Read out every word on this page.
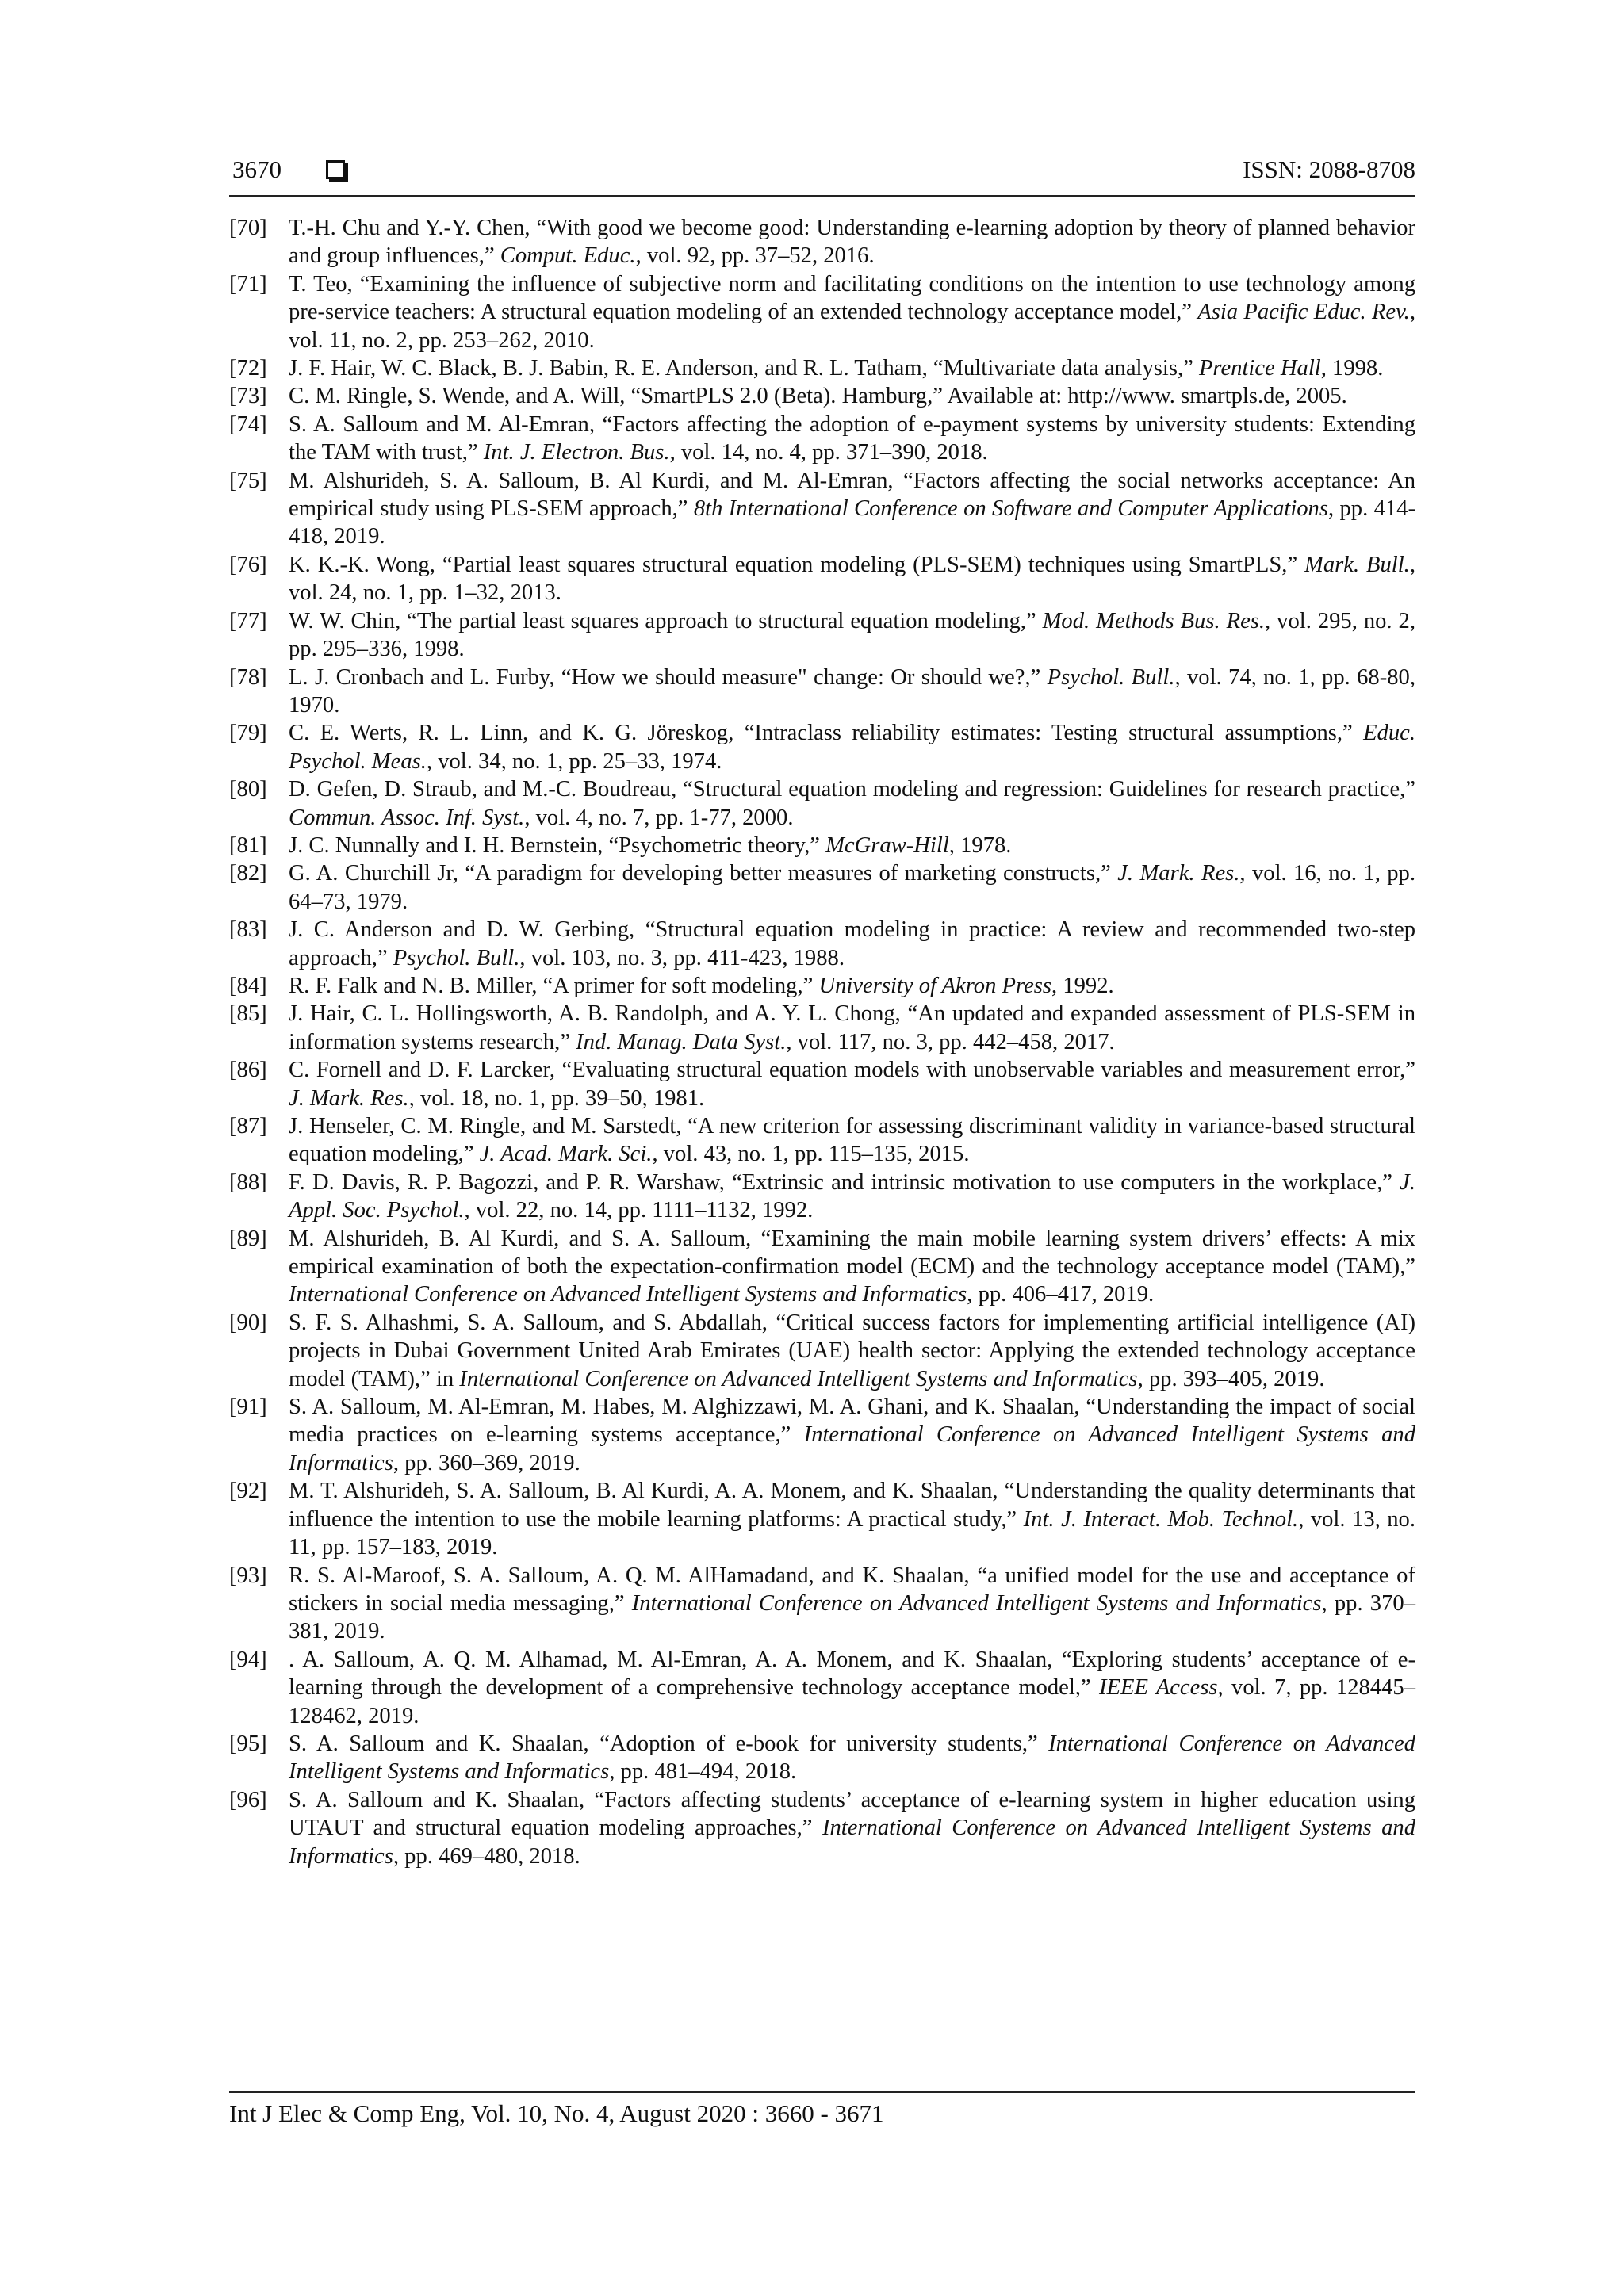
3670	ISSN: 2088-8708
[70] T.-H. Chu and Y.-Y. Chen, “With good we become good: Understanding e-learning adoption by theory of planned behavior and group influences,” Comput. Educ., vol. 92, pp. 37–52, 2016.
[71] T. Teo, “Examining the influence of subjective norm and facilitating conditions on the intention to use technology among pre-service teachers: A structural equation modeling of an extended technology acceptance model,” Asia Pacific Educ. Rev., vol. 11, no. 2, pp. 253–262, 2010.
[72] J. F. Hair, W. C. Black, B. J. Babin, R. E. Anderson, and R. L. Tatham, “Multivariate data analysis,” Prentice Hall, 1998.
[73] C. M. Ringle, S. Wende, and A. Will, “SmartPLS 2.0 (Beta). Hamburg,” Available at: http://www. smartpls.de, 2005.
[74] S. A. Salloum and M. Al-Emran, “Factors affecting the adoption of e-payment systems by university students: Extending the TAM with trust,” Int. J. Electron. Bus., vol. 14, no. 4, pp. 371–390, 2018.
[75] M. Alshurideh, S. A. Salloum, B. Al Kurdi, and M. Al-Emran, “Factors affecting the social networks acceptance: An empirical study using PLS-SEM approach,” 8th International Conference on Software and Computer Applications, pp. 414-418, 2019.
[76] K. K.-K. Wong, “Partial least squares structural equation modeling (PLS-SEM) techniques using SmartPLS,” Mark. Bull., vol. 24, no. 1, pp. 1–32, 2013.
[77] W. W. Chin, “The partial least squares approach to structural equation modeling,” Mod. Methods Bus. Res., vol. 295, no. 2, pp. 295–336, 1998.
[78] L. J. Cronbach and L. Furby, “How we should measure" change: Or should we?,” Psychol. Bull., vol. 74, no. 1, pp. 68-80, 1970.
[79] C. E. Werts, R. L. Linn, and K. G. Jöreskog, “Intraclass reliability estimates: Testing structural assumptions,” Educ. Psychol. Meas., vol. 34, no. 1, pp. 25–33, 1974.
[80] D. Gefen, D. Straub, and M.-C. Boudreau, “Structural equation modeling and regression: Guidelines for research practice,” Commun. Assoc. Inf. Syst., vol. 4, no. 7, pp. 1-77, 2000.
[81] J. C. Nunnally and I. H. Bernstein, “Psychometric theory,” McGraw-Hill, 1978.
[82] G. A. Churchill Jr, “A paradigm for developing better measures of marketing constructs,” J. Mark. Res., vol. 16, no. 1, pp. 64–73, 1979.
[83] J. C. Anderson and D. W. Gerbing, “Structural equation modeling in practice: A review and recommended two-step approach,” Psychol. Bull., vol. 103, no. 3, pp. 411-423, 1988.
[84] R. F. Falk and N. B. Miller, “A primer for soft modeling,” University of Akron Press, 1992.
[85] J. Hair, C. L. Hollingsworth, A. B. Randolph, and A. Y. L. Chong, “An updated and expanded assessment of PLS-SEM in information systems research,” Ind. Manag. Data Syst., vol. 117, no. 3, pp. 442–458, 2017.
[86] C. Fornell and D. F. Larcker, “Evaluating structural equation models with unobservable variables and measurement error,” J. Mark. Res., vol. 18, no. 1, pp. 39–50, 1981.
[87] J. Henseler, C. M. Ringle, and M. Sarstedt, “A new criterion for assessing discriminant validity in variance-based structural equation modeling,” J. Acad. Mark. Sci., vol. 43, no. 1, pp. 115–135, 2015.
[88] F. D. Davis, R. P. Bagozzi, and P. R. Warshaw, “Extrinsic and intrinsic motivation to use computers in the workplace,” J. Appl. Soc. Psychol., vol. 22, no. 14, pp. 1111–1132, 1992.
[89] M. Alshurideh, B. Al Kurdi, and S. A. Salloum, “Examining the main mobile learning system drivers’ effects: A mix empirical examination of both the expectation-confirmation model (ECM) and the technology acceptance model (TAM),” International Conference on Advanced Intelligent Systems and Informatics, pp. 406–417, 2019.
[90] S. F. S. Alhashmi, S. A. Salloum, and S. Abdallah, “Critical success factors for implementing artificial intelligence (AI) projects in Dubai Government United Arab Emirates (UAE) health sector: Applying the extended technology acceptance model (TAM),” in International Conference on Advanced Intelligent Systems and Informatics, pp. 393–405, 2019.
[91] S. A. Salloum, M. Al-Emran, M. Habes, M. Alghizzawi, M. A. Ghani, and K. Shaalan, “Understanding the impact of social media practices on e-learning systems acceptance,” International Conference on Advanced Intelligent Systems and Informatics, pp. 360–369, 2019.
[92] M. T. Alshurideh, S. A. Salloum, B. Al Kurdi, A. A. Monem, and K. Shaalan, “Understanding the quality determinants that influence the intention to use the mobile learning platforms: A practical study,” Int. J. Interact. Mob. Technol., vol. 13, no. 11, pp. 157–183, 2019.
[93] R. S. Al-Maroof, S. A. Salloum, A. Q. M. AlHamadand, and K. Shaalan, “a unified model for the use and acceptance of stickers in social media messaging,” International Conference on Advanced Intelligent Systems and Informatics, pp. 370–381, 2019.
[94] . A. Salloum, A. Q. M. Alhamad, M. Al-Emran, A. A. Monem, and K. Shaalan, “Exploring students’ acceptance of e-learning through the development of a comprehensive technology acceptance model,” IEEE Access, vol. 7, pp. 128445–128462, 2019.
[95] S. A. Salloum and K. Shaalan, “Adoption of e-book for university students,” International Conference on Advanced Intelligent Systems and Informatics, pp. 481–494, 2018.
[96] S. A. Salloum and K. Shaalan, “Factors affecting students’ acceptance of e-learning system in higher education using UTAUT and structural equation modeling approaches,” International Conference on Advanced Intelligent Systems and Informatics, pp. 469–480, 2018.
Int J Elec & Comp Eng, Vol. 10, No. 4, August 2020 : 3660 - 3671
